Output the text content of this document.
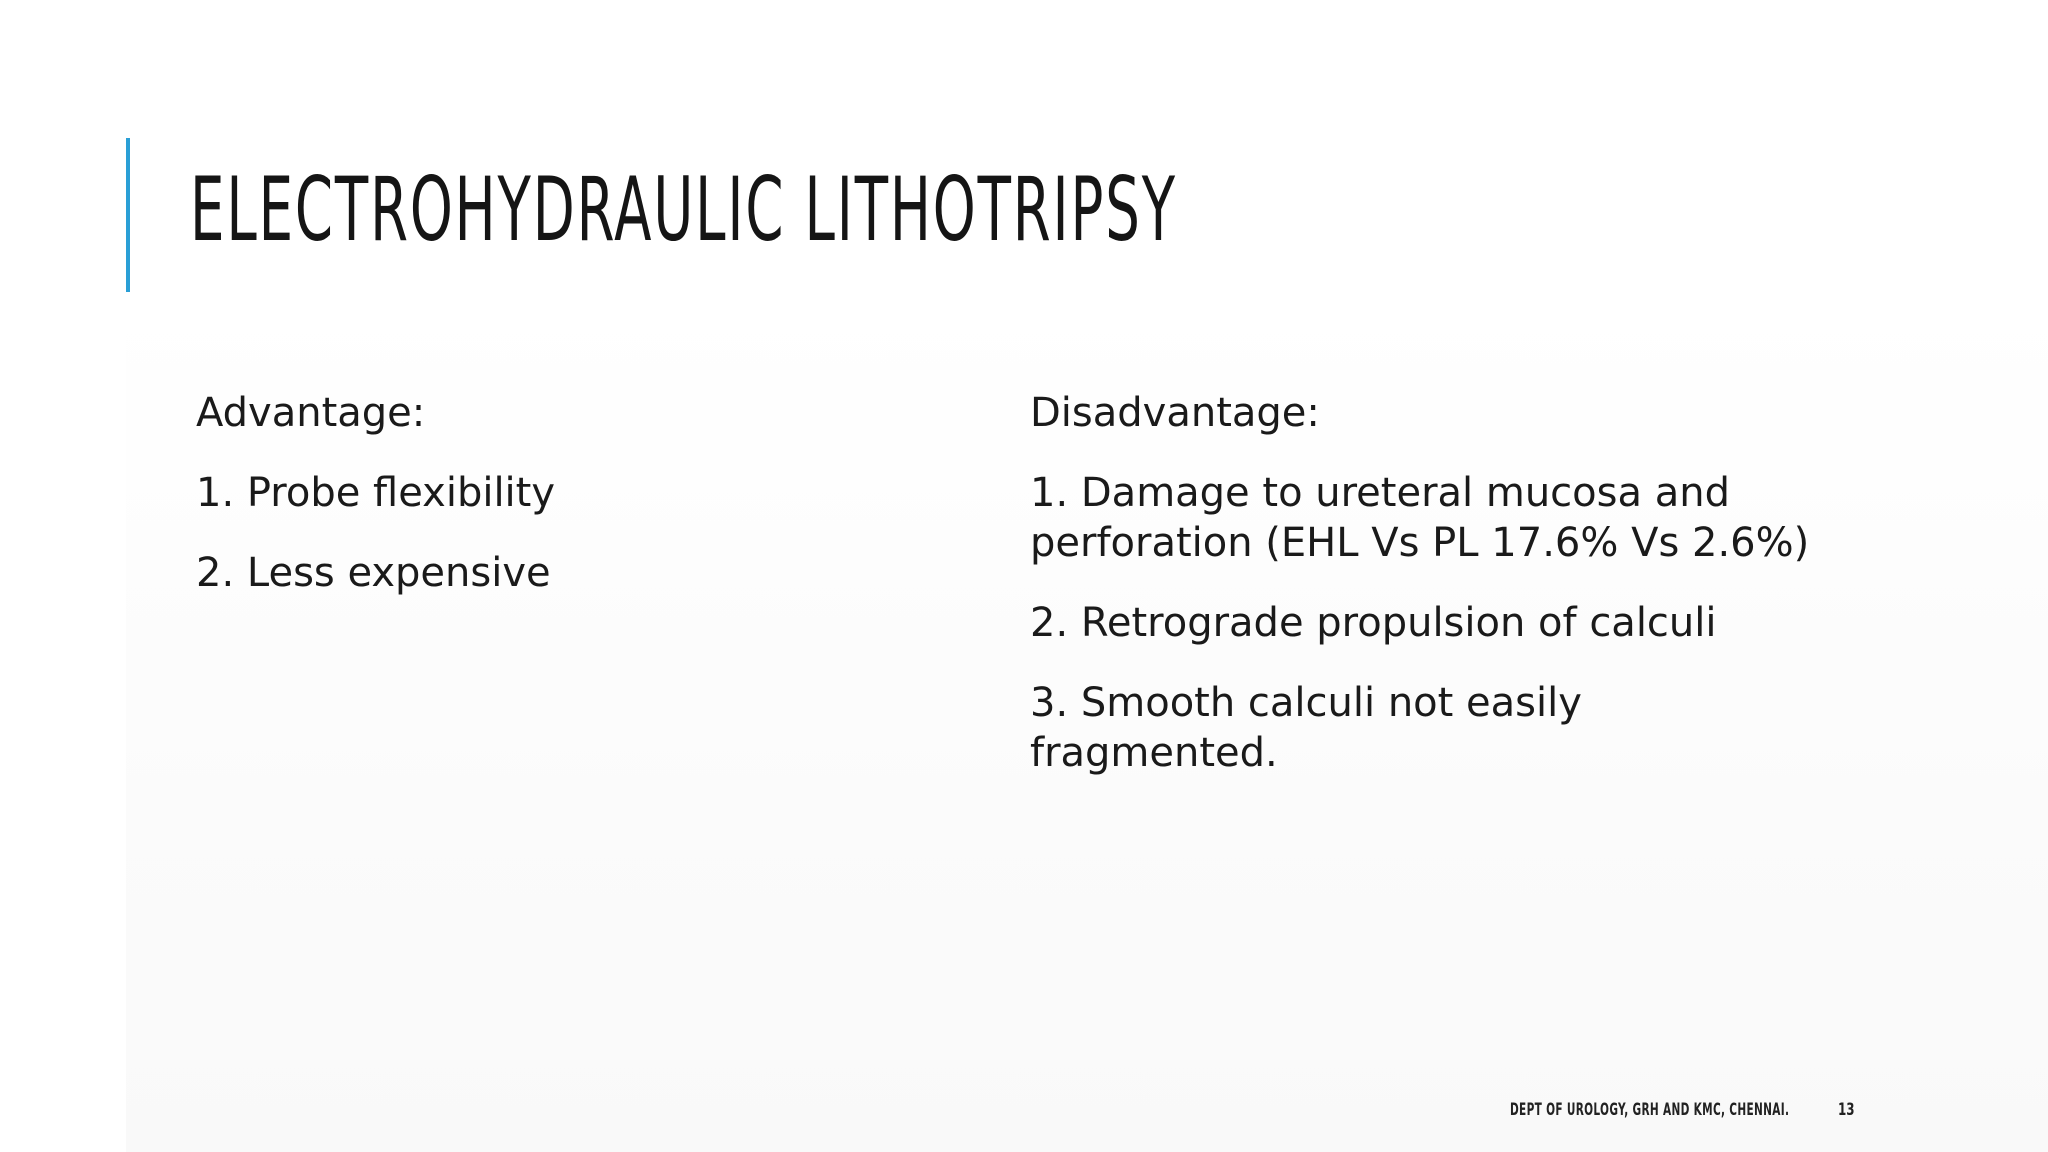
ELECTROHYDRAULIC LITHOTRIPSY

Advantage:

1. Probe flexibility

2. Less expensive

Disadvantage:

1. Damage to ureteral mucosa and perforation (EHL Vs PL 17.6% Vs 2.6%)

2. Retrograde propulsion of calculi

3. Smooth calculi not easily fragmented.

DEPT OF UROLOGY, GRH AND KMC, CHENNAI.	13
